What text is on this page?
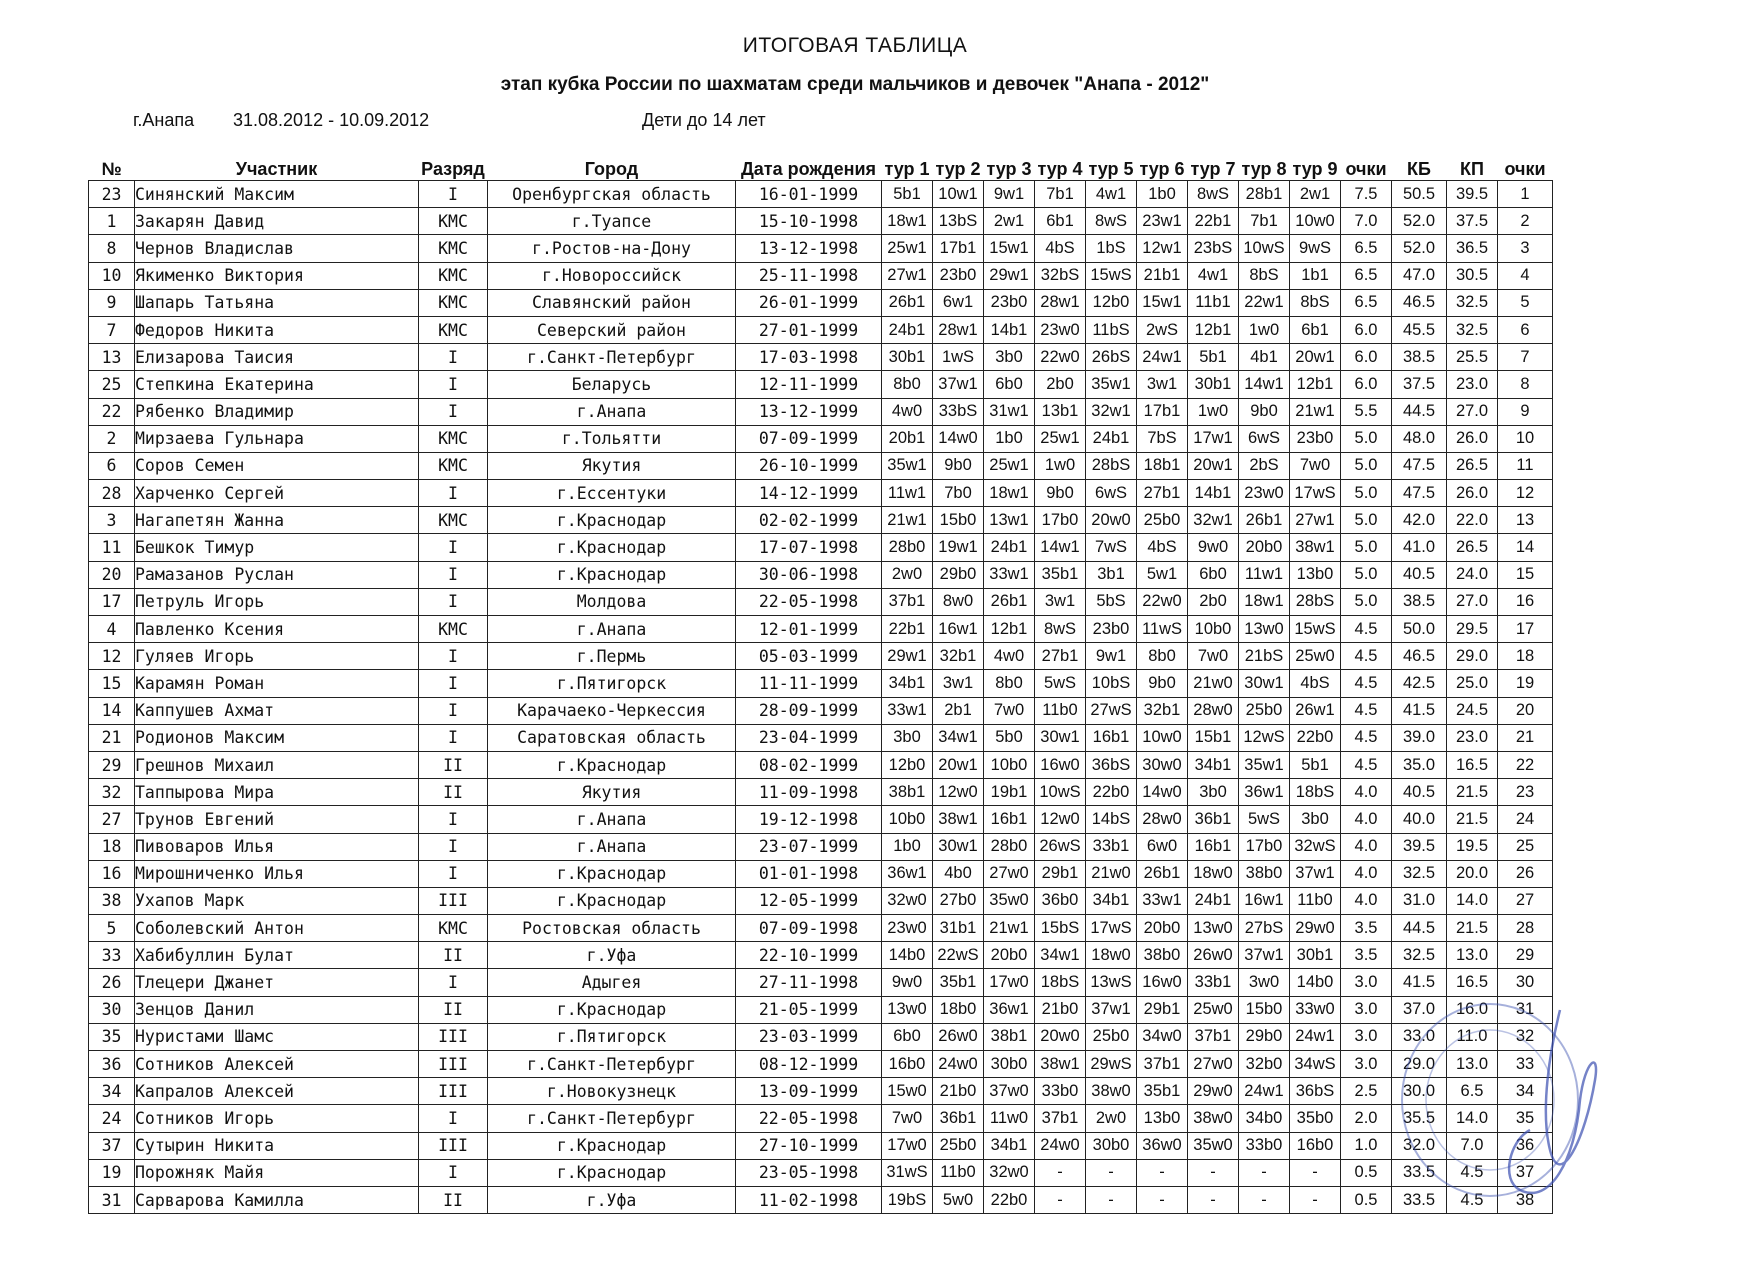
ИТОГОВАЯ ТАБЛИЦА
этап кубка России по шахматам среди мальчиков и девочек "Анапа - 2012"
г.Анапа 31.08.2012 - 10.09.2012	Дети до 14 лет
№	Участник	Разряд	Город	Дата рождения	тур 1	тур 2	тур 3	тур 4	тур 5	тур 6	тур 7	тур 8	тур 9	очки	КБ	КП	очки
23	Синянский Максим	I	Оренбургская область	16-01-1999	5b1	10w1	9w1	7b1	4w1	1b0	8wS	28b1	2w1	7.5	50.5	39.5	1
1	Закарян Давид	КМС	г.Туапсе	15-10-1998	18w1	13bS	2w1	6b1	8wS	23w1	22b1	7b1	10w0	7.0	52.0	37.5	2
8	Чернов Владислав	КМС	г.Ростов-на-Дону	13-12-1998	25w1	17b1	15w1	4bS	1bS	12w1	23bS	10wS	9wS	6.5	52.0	36.5	3
10	Якименко Виктория	КМС	г.Новороссийск	25-11-1998	27w1	23b0	29w1	32bS	15wS	21b1	4w1	8bS	1b1	6.5	47.0	30.5	4
9	Шапарь Татьяна	КМС	Славянский район	26-01-1999	26b1	6w1	23b0	28w1	12b0	15w1	11b1	22w1	8bS	6.5	46.5	32.5	5
7	Федоров Никита	КМС	Северский район	27-01-1999	24b1	28w1	14b1	23w0	11bS	2wS	12b1	1w0	6b1	6.0	45.5	32.5	6
13	Елизарова Таисия	I	г.Санкт-Петербург	17-03-1998	30b1	1wS	3b0	22w0	26bS	24w1	5b1	4b1	20w1	6.0	38.5	25.5	7
25	Степкина Екатерина	I	Беларусь	12-11-1999	8b0	37w1	6b0	2b0	35w1	3w1	30b1	14w1	12b1	6.0	37.5	23.0	8
22	Рябенко Владимир	I	г.Анапа	13-12-1999	4w0	33bS	31w1	13b1	32w1	17b1	1w0	9b0	21w1	5.5	44.5	27.0	9
2	Мирзаева Гульнара	КМС	г.Тольятти	07-09-1999	20b1	14w0	1b0	25w1	24b1	7bS	17w1	6wS	23b0	5.0	48.0	26.0	10
6	Соров Семен	КМС	Якутия	26-10-1999	35w1	9b0	25w1	1w0	28bS	18b1	20w1	2bS	7w0	5.0	47.5	26.5	11
28	Харченко Сергей	I	г.Ессентуки	14-12-1999	11w1	7b0	18w1	9b0	6wS	27b1	14b1	23w0	17wS	5.0	47.5	26.0	12
3	Нагапетян Жанна	КМС	г.Краснодар	02-02-1999	21w1	15b0	13w1	17b0	20w0	25b0	32w1	26b1	27w1	5.0	42.0	22.0	13
11	Бешкок Тимур	I	г.Краснодар	17-07-1998	28b0	19w1	24b1	14w1	7wS	4bS	9w0	20b0	38w1	5.0	41.0	26.5	14
20	Рамазанов Руслан	I	г.Краснодар	30-06-1998	2w0	29b0	33w1	35b1	3b1	5w1	6b0	11w1	13b0	5.0	40.5	24.0	15
17	Петруль Игорь	I	Молдова	22-05-1998	37b1	8w0	26b1	3w1	5bS	22w0	2b0	18w1	28bS	5.0	38.5	27.0	16
4	Павленко Ксения	КМС	г.Анапа	12-01-1999	22b1	16w1	12b1	8wS	23b0	11wS	10b0	13w0	15wS	4.5	50.0	29.5	17
12	Гуляев Игорь	I	г.Пермь	05-03-1999	29w1	32b1	4w0	27b1	9w1	8b0	7w0	21bS	25w0	4.5	46.5	29.0	18
15	Карамян Роман	I	г.Пятигорск	11-11-1999	34b1	3w1	8b0	5wS	10bS	9b0	21w0	30w1	4bS	4.5	42.5	25.0	19
14	Каппушев Ахмат	I	Карачаеко-Черкессия	28-09-1999	33w1	2b1	7w0	11b0	27wS	32b1	28w0	25b0	26w1	4.5	41.5	24.5	20
21	Родионов Максим	I	Саратовская область	23-04-1999	3b0	34w1	5b0	30w1	16b1	10w0	15b1	12wS	22b0	4.5	39.0	23.0	21
29	Грешнов Михаил	II	г.Краснодар	08-02-1999	12b0	20w1	10b0	16w0	36bS	30w0	34b1	35w1	5b1	4.5	35.0	16.5	22
32	Таппырова Мира	II	Якутия	11-09-1998	38b1	12w0	19b1	10wS	22b0	14w0	3b0	36w1	18bS	4.0	40.5	21.5	23
27	Трунов Евгений	I	г.Анапа	19-12-1998	10b0	38w1	16b1	12w0	14bS	28w0	36b1	5wS	3b0	4.0	40.0	21.5	24
18	Пивоваров Илья	I	г.Анапа	23-07-1999	1b0	30w1	28b0	26wS	33b1	6w0	16b1	17b0	32wS	4.0	39.5	19.5	25
16	Мирошниченко Илья	I	г.Краснодар	01-01-1998	36w1	4b0	27w0	29b1	21w0	26b1	18w0	38b0	37w1	4.0	32.5	20.0	26
38	Ухапов Марк	III	г.Краснодар	12-05-1999	32w0	27b0	35w0	36b0	34b1	33w1	24b1	16w1	11b0	4.0	31.0	14.0	27
5	Соболевский Антон	КМС	Ростовская область	07-09-1998	23w0	31b1	21w1	15bS	17wS	20b0	13w0	27bS	29w0	3.5	44.5	21.5	28
33	Хабибуллин Булат	II	г.Уфа	22-10-1999	14b0	22wS	20b0	34w1	18w0	38b0	26w0	37w1	30b1	3.5	32.5	13.0	29
26	Тлецери Джанет	I	Адыгея	27-11-1998	9w0	35b1	17w0	18bS	13wS	16w0	33b1	3w0	14b0	3.0	41.5	16.5	30
30	Зенцов Данил	II	г.Краснодар	21-05-1999	13w0	18b0	36w1	21b0	37w1	29b1	25w0	15b0	33w0	3.0	37.0	16.0	31
35	Нуристами Шамс	III	г.Пятигорск	23-03-1999	6b0	26w0	38b1	20w0	25b0	34w0	37b1	29b0	24w1	3.0	33.0	11.0	32
36	Сотников Алексей	III	г.Санкт-Петербург	08-12-1999	16b0	24w0	30b0	38w1	29wS	37b1	27w0	32b0	34wS	3.0	29.0	13.0	33
34	Капралов Алексей	III	г.Новокузнецк	13-09-1999	15w0	21b0	37w0	33b0	38w0	35b1	29w0	24w1	36bS	2.5	30.0	6.5	34
24	Сотников Игорь	I	г.Санкт-Петербург	22-05-1998	7w0	36b1	11w0	37b1	2w0	13b0	38w0	34b0	35b0	2.0	35.5	14.0	35
37	Сутырин Никита	III	г.Краснодар	27-10-1999	17w0	25b0	34b1	24w0	30b0	36w0	35w0	33b0	16b0	1.0	32.0	7.0	36
19	Порожняк Майя	I	г.Краснодар	23-05-1998	31wS	11b0	32w0	-	-	-	-	-	-	0.5	33.5	4.5	37
31	Сарварова Камилла	II	г.Уфа	11-02-1998	19bS	5w0	22b0	-	-	-	-	-	-	0.5	33.5	4.5	38
